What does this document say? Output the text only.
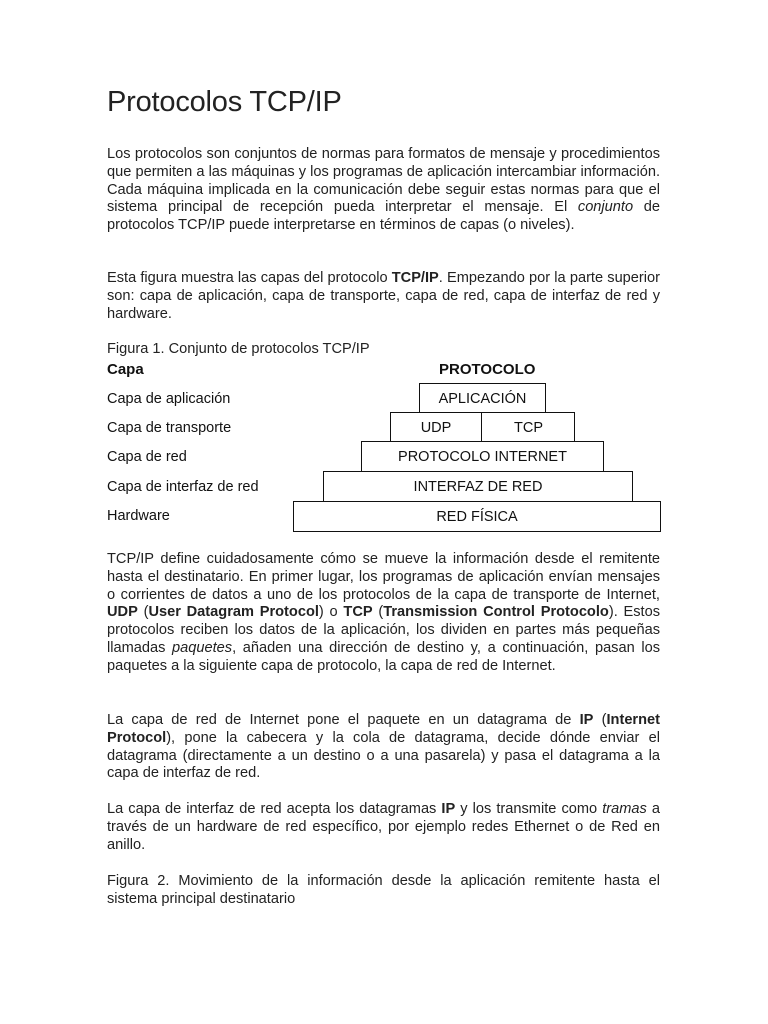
Protocolos TCP/IP

Los protocolos son conjuntos de normas para formatos de mensaje y procedimientos que permiten a las máquinas y los programas de aplicación intercambiar información. Cada máquina implicada en la comunicación debe seguir estas normas para que el sistema principal de recepción pueda interpretar el mensaje. El conjunto de protocolos TCP/IP puede interpretarse en términos de capas (o niveles).

Esta figura muestra las capas del protocolo TCP/IP. Empezando por la parte superior son: capa de aplicación, capa de transporte, capa de red, capa de interfaz de red y hardware.

Figura 1. Conjunto de protocolos TCP/IP

Capa	PROTOCOLO
Capa de aplicación
Capa de transporte
Capa de red
Capa de interfaz de red
Hardware
APLICACIÓN
UDP	TCP
PROTOCOLO INTERNET
INTERFAZ DE RED
RED FÍSICA

TCP/IP define cuidadosamente cómo se mueve la información desde el remitente hasta el destinatario. En primer lugar, los programas de aplicación envían mensajes o corrientes de datos a uno de los protocolos de la capa de transporte de Internet, UDP (User Datagram Protocol) o TCP (Transmission Control Protocolo). Estos protocolos reciben los datos de la aplicación, los dividen en partes más pequeñas llamadas paquetes, añaden una dirección de destino y, a continuación, pasan los paquetes a la siguiente capa de protocolo, la capa de red de Internet.

La capa de red de Internet pone el paquete en un datagrama de IP (Internet Protocol), pone la cabecera y la cola de datagrama, decide dónde enviar el datagrama (directamente a un destino o a una pasarela) y pasa el datagrama a la capa de interfaz de red.

La capa de interfaz de red acepta los datagramas IP y los transmite como tramas a través de un hardware de red específico, por ejemplo redes Ethernet o de Red en anillo.

Figura 2. Movimiento de la información desde la aplicación remitente hasta el sistema principal destinatario
